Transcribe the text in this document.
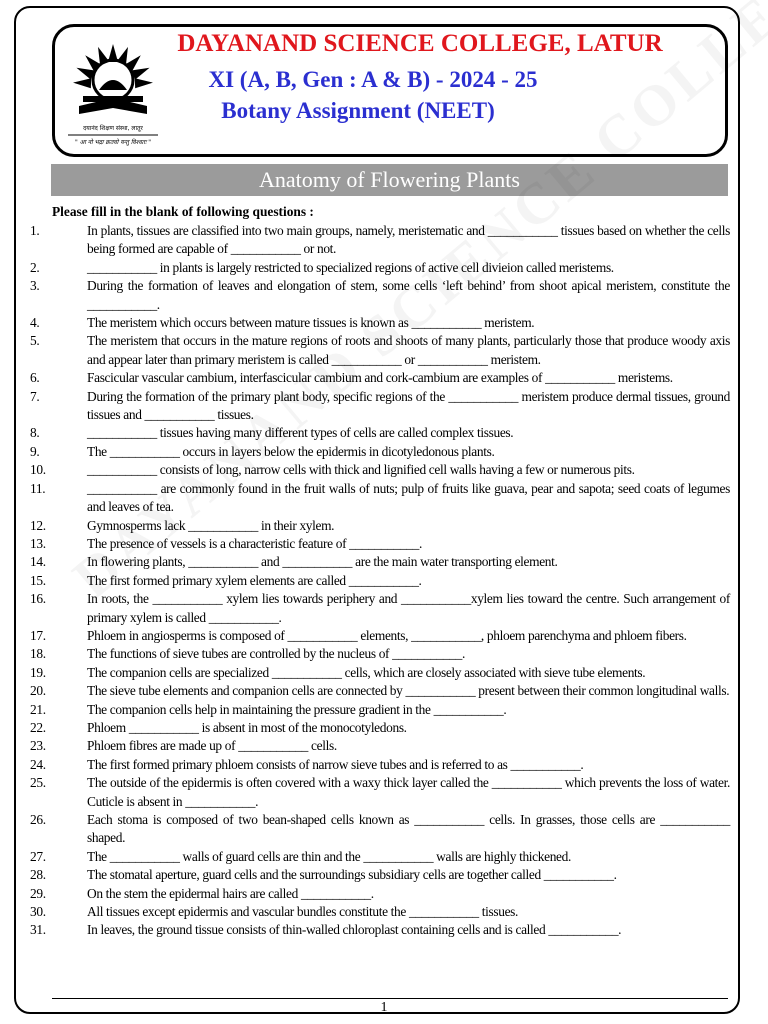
दयानंद शिक्षण संस्था, लातूर
" आ नो भद्रा क्रतवो यन्तु विश्वतः "
DAYANAND SCIENCE COLLEGE, LATUR
XI (A, B, Gen : A & B) - 2024 - 25
Botany Assignment (NEET)
Anatomy of Flowering Plants
Please fill in the blank of following questions :
1.	In plants, tissues are classified into two main groups, namely, meristematic and ___________ tissues based on whether the cells being formed are capable of ___________ or not.
2.	___________ in plants is largely restricted to specialized regions of active cell divieion called meristems.
3.	During the formation of leaves and elongation of stem, some cells ‘left behind’ from shoot apical meristem, constitute the ___________.
4.	The meristem which occurs between mature tissues is known as ___________ meristem.
5.	The meristem that occurs in the mature regions of roots and shoots of many plants, particularly those that produce woody axis and appear later than primary meristem is called ___________ or ___________ meristem.
6.	Fascicular vascular cambium, interfascicular cambium and cork-cambium are examples of ___________ meristems.
7.	During the formation of the primary plant body, specific regions of the ___________ meristem produce dermal tissues, ground tissues and ___________ tissues.
8.	___________ tissues having many different types of cells are called complex tissues.
9.	The ___________ occurs in layers below the epidermis in dicotyledonous plants.
10.	___________ consists of long, narrow cells with thick and lignified cell walls having a few or numerous pits.
11.	___________ are commonly found in the fruit walls of nuts; pulp of fruits like guava, pear and sapota; seed coats of legumes and leaves of tea.
12.	Gymnosperms lack ___________ in their xylem.
13.	The presence of vessels is a characteristic feature of ___________.
14.	In flowering plants, ___________ and ___________ are the main water transporting element.
15.	The first formed primary xylem elements are called ___________.
16.	In roots, the ___________ xylem lies towards periphery and ___________xylem lies toward the centre. Such arrangement of primary xylem is called ___________.
17.	Phloem in angiosperms is composed of ___________ elements, ___________, phloem parenchyma and phloem fibers.
18.	The functions of sieve tubes are controlled by the nucleus of ___________.
19.	The companion cells are specialized ___________ cells, which are closely associated with sieve tube elements.
20.	The sieve tube elements and companion cells are connected by ___________ present between their common longitudinal walls.
21.	The companion cells help in maintaining the pressure gradient in the ___________.
22.	Phloem ___________ is absent in most of the monocotyledons.
23.	Phloem fibres are made up of ___________ cells.
24.	The first formed primary phloem consists of narrow sieve tubes and is referred to as ___________.
25.	The outside of the epidermis is often covered with a waxy thick layer called the ___________ which prevents the loss of water. Cuticle is absent in ___________.
26.	Each stoma is composed of two bean-shaped cells known as ___________ cells. In grasses, those cells are ___________ shaped.
27.	The ___________ walls of guard cells are thin and the ___________ walls are highly thickened.
28.	The stomatal aperture, guard cells and the surroundings subsidiary cells are together called ___________.
29.	On the stem the epidermal hairs are called ___________.
30.	All tissues except epidermis and vascular bundles constitute the ___________ tissues.
31.	In leaves, the ground tissue consists of thin-walled chloroplast containing cells and is called ___________.
1
